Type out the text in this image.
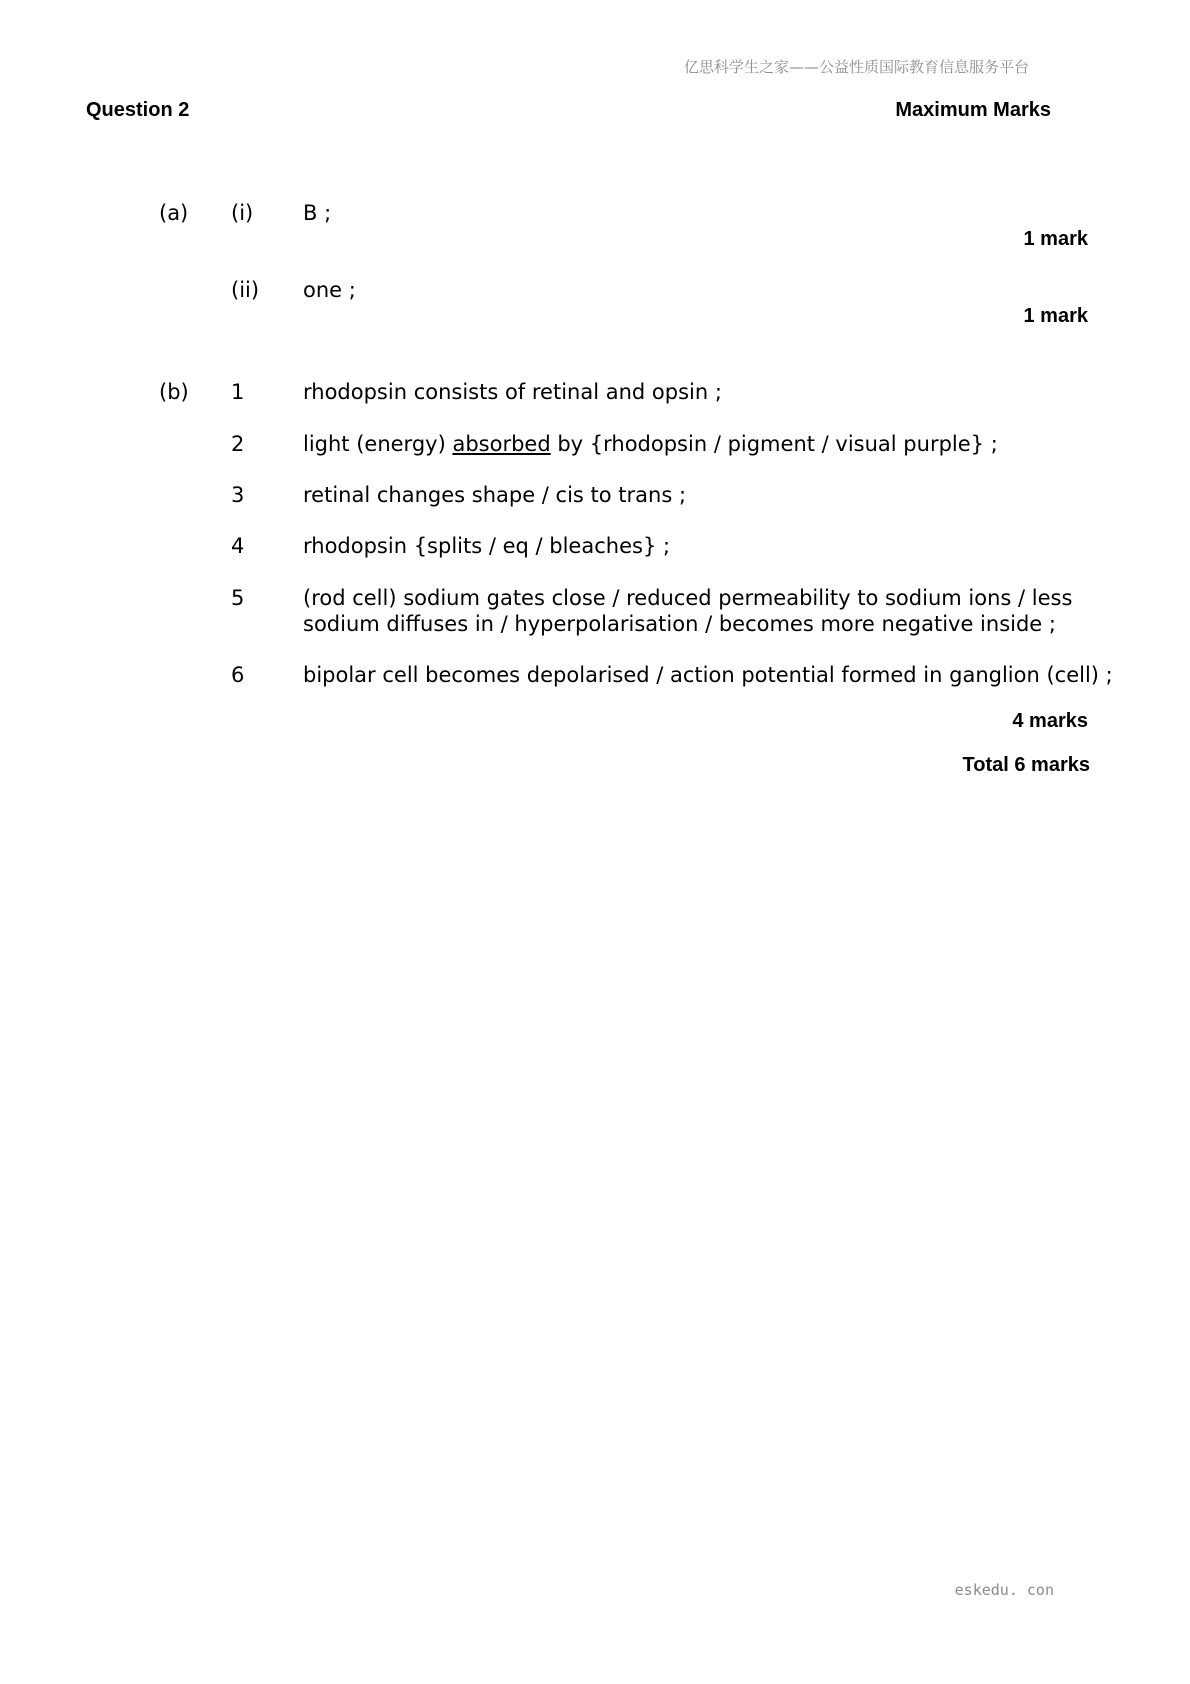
亿思科学生之家——公益性质国际教育信息服务平台
Question 2	Maximum Marks
(a) (i) B ;
1 mark
(ii) one ;
1 mark
(b) 1	rhodopsin consists of retinal and opsin ;
2	light (energy) absorbed by {rhodopsin / pigment / visual purple} ;
3	retinal changes shape / cis to trans ;
4	rhodopsin {splits / eq / bleaches} ;
5	(rod cell) sodium gates close / reduced permeability to sodium ions / less
sodium diffuses in / hyperpolarisation / becomes more negative inside ;
6	bipolar cell becomes depolarised / action potential formed in ganglion (cell) ;
4 marks
Total 6 marks
eskedu. con
